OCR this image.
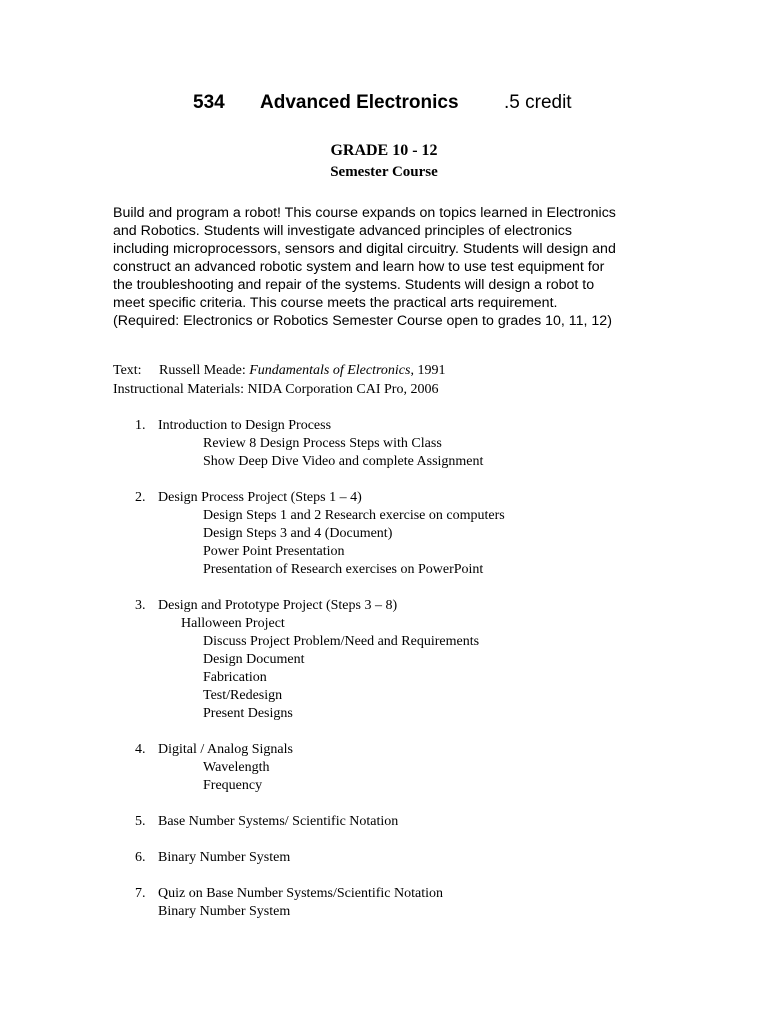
534 Advanced Electronics .5 credit
GRADE 10 - 12
Semester Course
Build and program a robot! This course expands on topics learned in Electronics
and Robotics. Students will investigate advanced principles of electronics
including microprocessors, sensors and digital circuitry. Students will design and
construct an advanced robotic system and learn how to use test equipment for
the troubleshooting and repair of the systems. Students will design a robot to
meet specific criteria. This course meets the practical arts requirement.
(Required: Electronics or Robotics Semester Course open to grades 10, 11, 12)
Text: Russell Meade: Fundamentals of Electronics, 1991
Instructional Materials: NIDA Corporation CAI Pro, 2006
1. Introduction to Design Process
Review 8 Design Process Steps with Class
Show Deep Dive Video and complete Assignment
2. Design Process Project (Steps 1 – 4)
Design Steps 1 and 2 Research exercise on computers
Design Steps 3 and 4 (Document)
Power Point Presentation
Presentation of Research exercises on PowerPoint
3. Design and Prototype Project (Steps 3 – 8)
Halloween Project
Discuss Project Problem/Need and Requirements
Design Document
Fabrication
Test/Redesign
Present Designs
4. Digital / Analog Signals
Wavelength
Frequency
5. Base Number Systems/ Scientific Notation
6. Binary Number System
7. Quiz on Base Number Systems/Scientific Notation
Binary Number System
